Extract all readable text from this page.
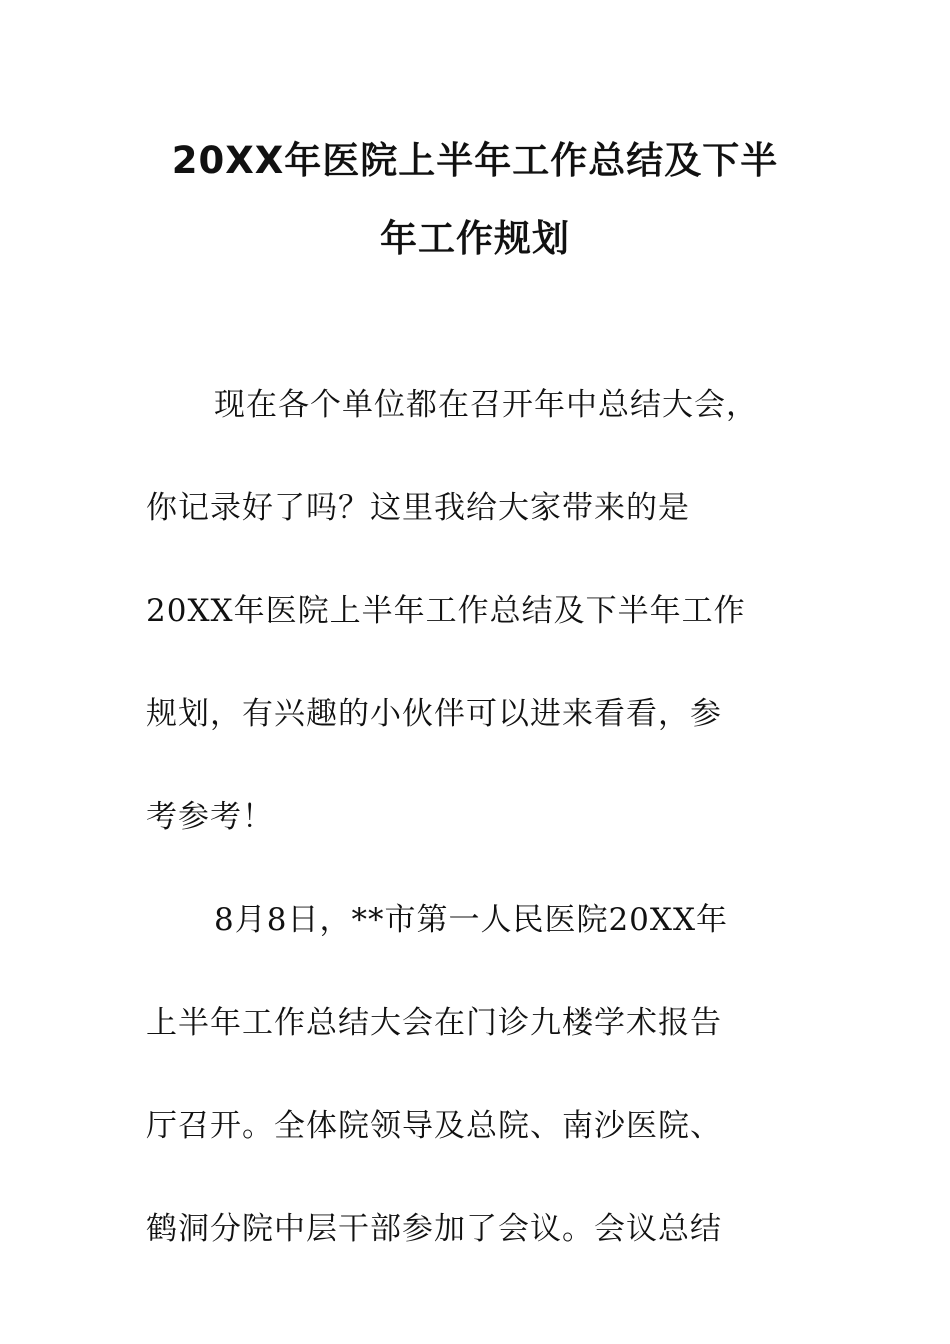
20XX年医院上半年工作总结及下半
年工作规划
现在各个单位都在召开年中总结大会，
你记录好了吗？这里我给大家带来的是
20XX年医院上半年工作总结及下半年工作
规划，有兴趣的小伙伴可以进来看看，参
考参考！
8月8日，**市第一人民医院20XX年
上半年工作总结大会在门诊九楼学术报告
厅召开。全体院领导及总院、南沙医院、
鹤洞分院中层干部参加了会议。会议总结
